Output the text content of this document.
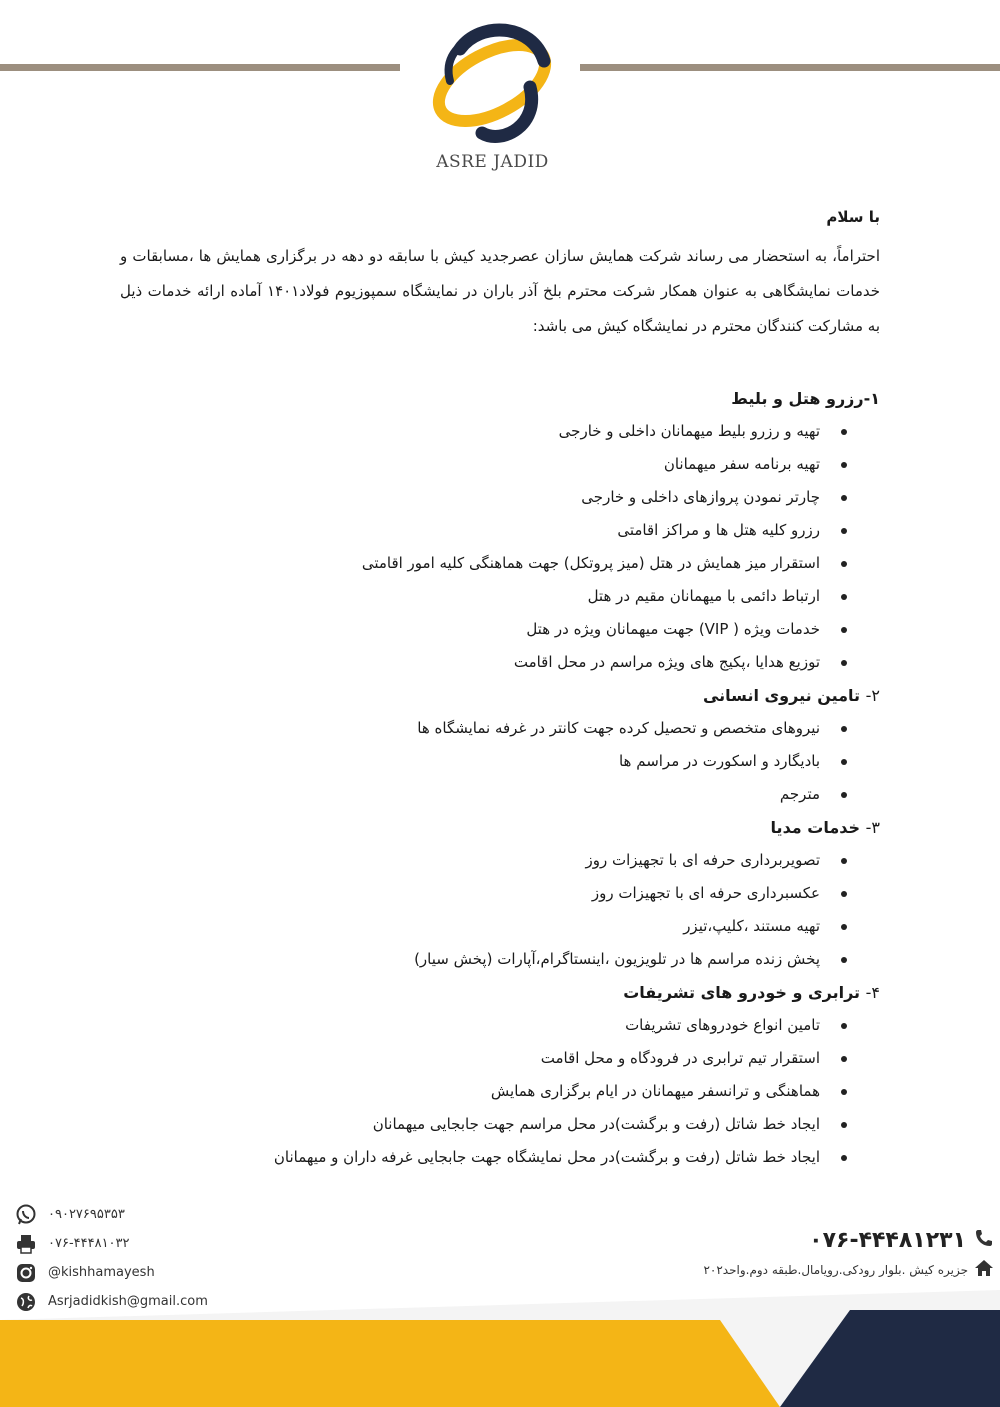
ASRE JADID

با سلام

احتراماً، به استحضار می رساند شرکت همایش سازان عصرجدید کیش با سابقه دو دهه در برگزاری همایش ها ،مسابقات و خدمات نمایشگاهی به عنوان همکار شرکت محترم بلخ آذر باران در نمایشگاه سمپوزیوم فولاد۱۴۰۱ آماده ارائه خدمات ذیل به مشارکت کنندگان محترم در نمایشگاه کیش می باشد:

۱-رزرو هتل و بلیط
تهیه و رزرو بلیط میهمانان داخلی و خارجی
تهیه برنامه سفر میهمانان
چارتر نمودن پروازهای داخلی و خارجی
رزرو کلیه هتل ها و مراکز اقامتی
استقرار میز همایش در هتل (میز پروتکل) جهت هماهنگی کلیه امور اقامتی
ارتباط دائمی با میهمانان مقیم در هتل
خدمات ویژه ( VIP) جهت میهمانان ویژه در هتل
توزیع هدایا ،پکیج های ویژه مراسم در محل اقامت
۲- تامین نیروی انسانی
نیروهای متخصص و تحصیل کرده جهت کانتر در غرفه نمایشگاه ها
بادیگارد و اسکورت در مراسم ها
مترجم
۳- خدمات مدیا
تصویربرداری حرفه ای با تجهیزات روز
عکسبرداری حرفه ای با تجهیزات روز
تهیه مستند ،کلیپ،تیزر
پخش زنده مراسم ها در تلویزیون ،اینستاگرام،آپارات (پخش سیار)
۴- ترابری و خودرو های تشریفات
تامین انواع خودروهای تشریفات
استقرار تیم ترابری در فرودگاه و محل اقامت
هماهنگی و ترانسفر میهمانان در ایام برگزاری همایش
ایجاد خط شاتل (رفت و برگشت)در محل مراسم جهت جابجایی میهمانان
ایجاد خط شاتل (رفت و برگشت)در محل نمایشگاه جهت جابجایی غرفه داران و میهمانان
۰۹۰۲۷۶۹۵۳۵۳
۰۷۶-۴۴۴۸۱۰۳۲
@kishhamayesh
Asrjadidkish@gmail.com
۰۷۶-۴۴۴۸۱۲۳۱
جزیره کیش .بلوار رودکی.رویامال.طبقه دوم.واحد۲۰۲
